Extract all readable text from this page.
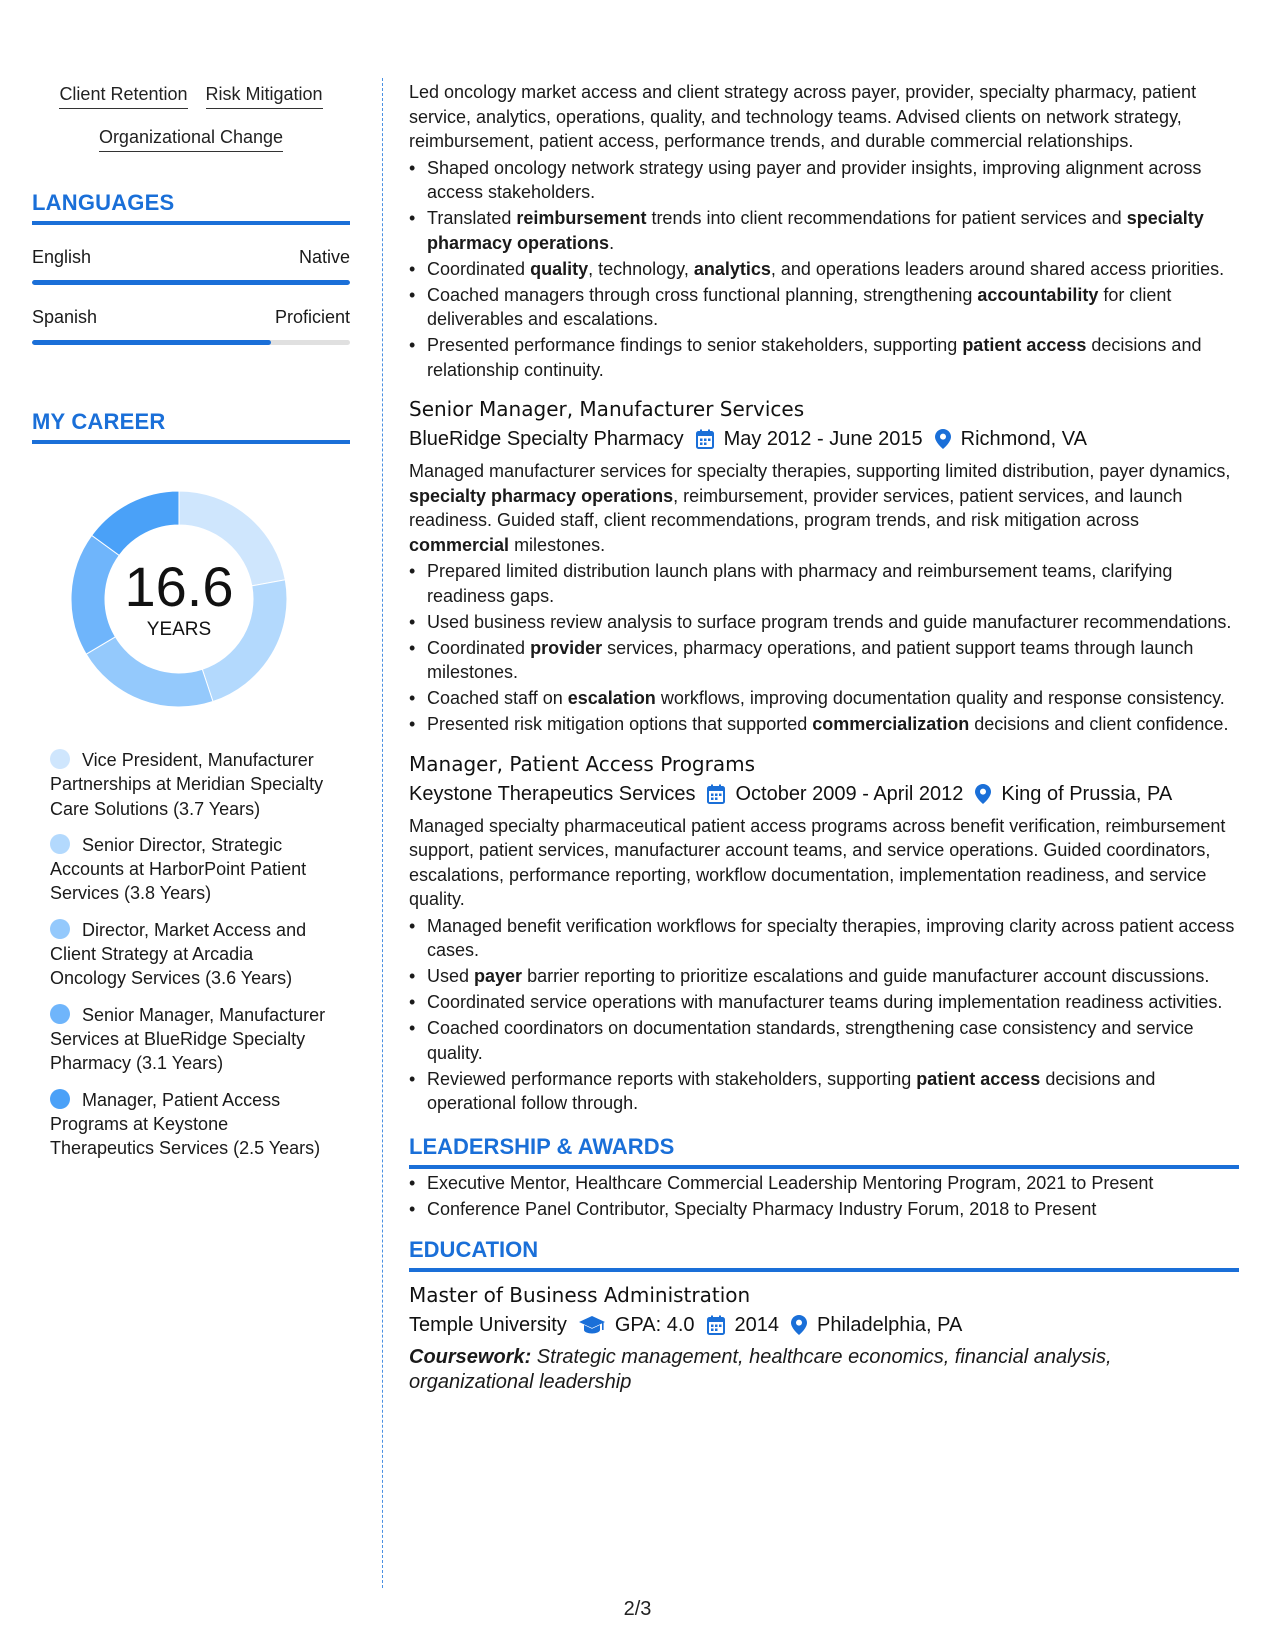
Client Retention Risk Mitigation
Organizational Change
LANGUAGES
English	Native
Spanish	Proficient
MY CAREER
16.6
YEARS
Vice President, Manufacturer Partnerships at Meridian Specialty Care Solutions (3.7 Years)
Senior Director, Strategic Accounts at HarborPoint Patient Services (3.8 Years)
Director, Market Access and Client Strategy at Arcadia Oncology Services (3.6 Years)
Senior Manager, Manufacturer Services at BlueRidge Specialty Pharmacy (3.1 Years)
Manager, Patient Access Programs at Keystone Therapeutics Services (2.5 Years)

Led oncology market access and client strategy across payer, provider, specialty pharmacy, patient service, analytics, operations, quality, and technology teams. Advised clients on network strategy, reimbursement, patient access, performance trends, and durable commercial relationships.

• Shaped oncology network strategy using payer and provider insights, improving alignment across access stakeholders.
• Translated reimbursement trends into client recommendations for patient services and specialty pharmacy operations.
• Coordinated quality, technology, analytics, and operations leaders around shared access priorities.
• Coached managers through cross functional planning, strengthening accountability for client deliverables and escalations.
• Presented performance findings to senior stakeholders, supporting patient access decisions and relationship continuity.
Senior Manager, Manufacturer Services
BlueRidge Specialty Pharmacy May 2012 - June 2015 Richmond, VA

Managed manufacturer services for specialty therapies, supporting limited distribution, payer dynamics, specialty pharmacy operations, reimbursement, provider services, patient services, and launch readiness. Guided staff, client recommendations, program trends, and risk mitigation across commercial milestones.

• Prepared limited distribution launch plans with pharmacy and reimbursement teams, clarifying readiness gaps.
• Used business review analysis to surface program trends and guide manufacturer recommendations.
• Coordinated provider services, pharmacy operations, and patient support teams through launch milestones.
• Coached staff on escalation workflows, improving documentation quality and response consistency.
• Presented risk mitigation options that supported commercialization decisions and client confidence.
Manager, Patient Access Programs
Keystone Therapeutics Services October 2009 - April 2012 King of Prussia, PA

Managed specialty pharmaceutical patient access programs across benefit verification, reimbursement support, patient services, manufacturer account teams, and service operations. Guided coordinators, escalations, performance reporting, workflow documentation, implementation readiness, and service quality.

• Managed benefit verification workflows for specialty therapies, improving clarity across patient access cases.
• Used payer barrier reporting to prioritize escalations and guide manufacturer account discussions.
• Coordinated service operations with manufacturer teams during implementation readiness activities.
• Coached coordinators on documentation standards, strengthening case consistency and service quality.
• Reviewed performance reports with stakeholders, supporting patient access decisions and operational follow through.
LEADERSHIP & AWARDS
• Executive Mentor, Healthcare Commercial Leadership Mentoring Program, 2021 to Present
• Conference Panel Contributor, Specialty Pharmacy Industry Forum, 2018 to Present
EDUCATION
Master of Business Administration
Temple University GPA: 4.0 2014 Philadelphia, PA
Coursework: Strategic management, healthcare economics, financial analysis, organizational leadership
2/3
